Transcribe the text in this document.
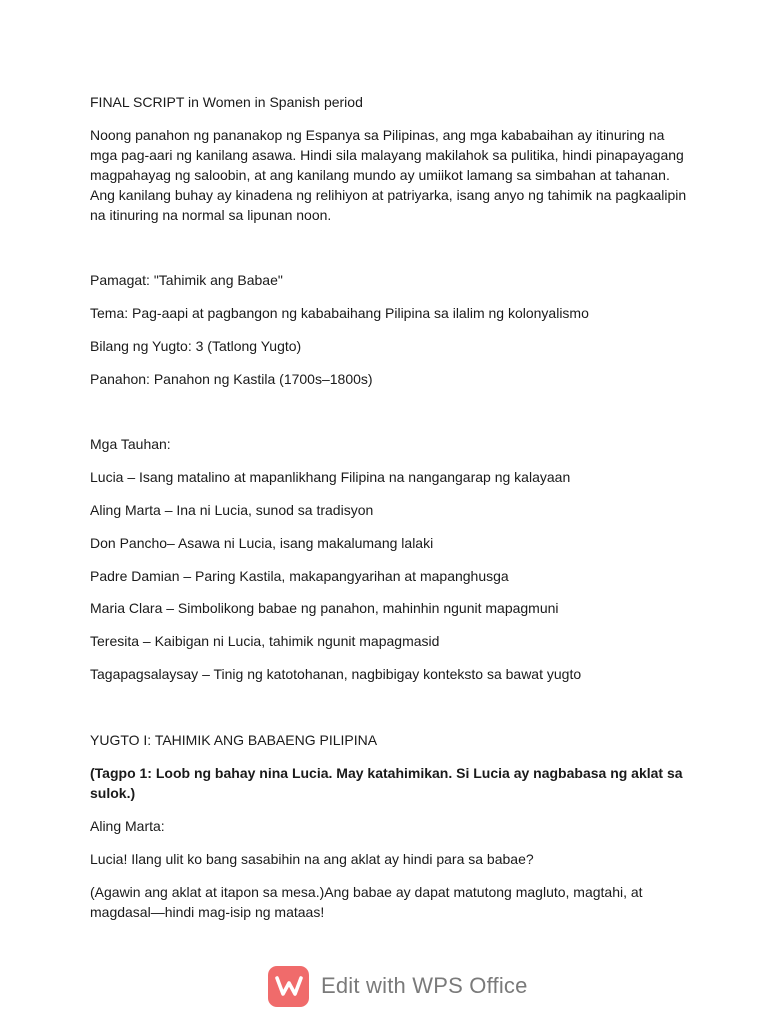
FINAL SCRIPT in Women in Spanish period

Noong panahon ng pananakop ng Espanya sa Pilipinas, ang mga kababaihan ay itinuring na mga pag-aari ng kanilang asawa. Hindi sila malayang makilahok sa pulitika, hindi pinapayagang magpahayag ng saloobin, at ang kanilang mundo ay umiikot lamang sa simbahan at tahanan. Ang kanilang buhay ay kinadena ng relihiyon at patriyarka, isang anyo ng tahimik na pagkaalipin na itinuring na normal sa lipunan noon.

Pamagat: "Tahimik ang Babae"

Tema: Pag-aapi at pagbangon ng kababaihang Pilipina sa ilalim ng kolonyalismo

Bilang ng Yugto: 3 (Tatlong Yugto)

Panahon: Panahon ng Kastila (1700s–1800s)

Mga Tauhan:

Lucia – Isang matalino at mapanlikhang Filipina na nangangarap ng kalayaan

Aling Marta – Ina ni Lucia, sunod sa tradisyon

Don Pancho– Asawa ni Lucia, isang makalumang lalaki

Padre Damian – Paring Kastila, makapangyarihan at mapanghusga

Maria Clara – Simbolikong babae ng panahon, mahinhin ngunit mapagmuni

Teresita – Kaibigan ni Lucia, tahimik ngunit mapagmasid

Tagapagsalaysay – Tinig ng katotohanan, nagbibigay konteksto sa bawat yugto

YUGTO I: TAHIMIK ANG BABAENG PILIPINA

(Tagpo 1: Loob ng bahay nina Lucia. May katahimikan. Si Lucia ay nagbabasa ng aklat sa sulok.)

Aling Marta:

Lucia! Ilang ulit ko bang sasabihin na ang aklat ay hindi para sa babae?

(Agawin ang aklat at itapon sa mesa.)Ang babae ay dapat matutong magluto, magtahi, at magdasal—hindi mag-isip ng mataas!

Edit with WPS Office
